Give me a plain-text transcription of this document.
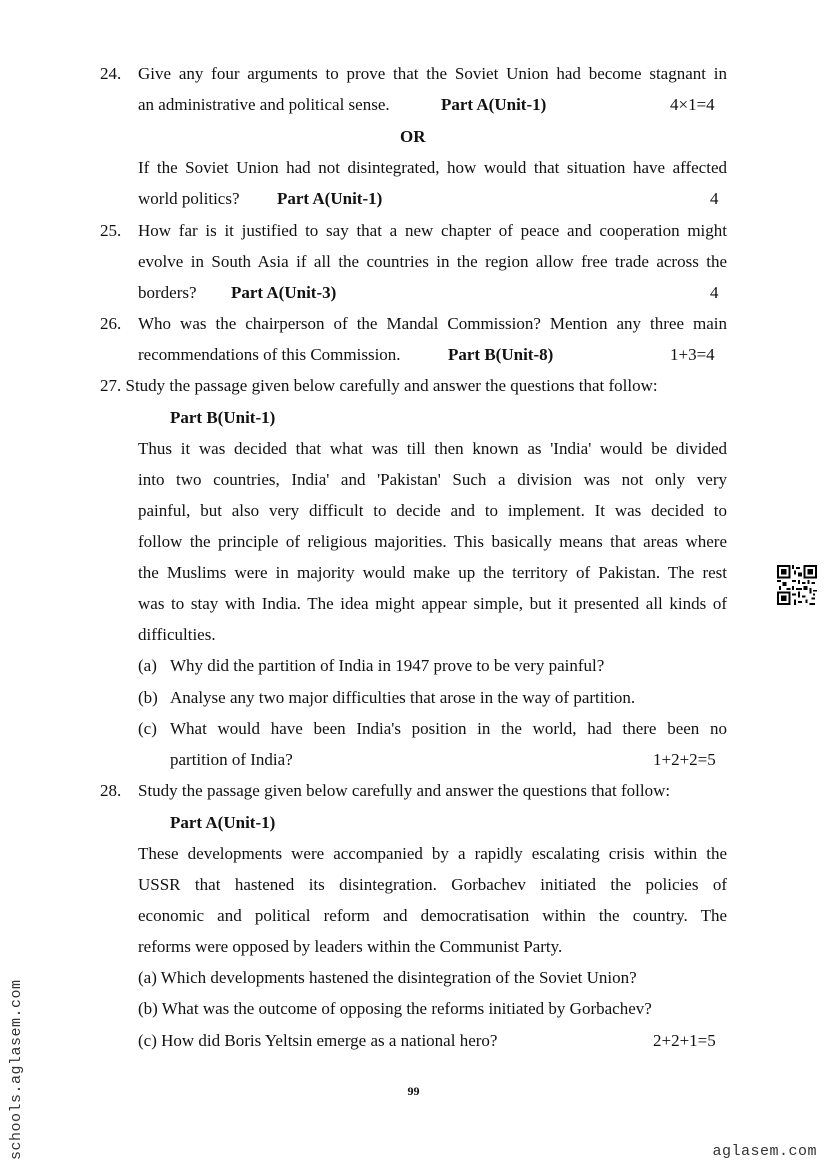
24. Give any four arguments to prove that the Soviet Union had become stagnant in
an administrative and political sense.	Part A(Unit-1)	4×1=4
OR
If the Soviet Union had not disintegrated, how would that situation have affected
world politics? Part A(Unit-1)	4
25. How far is it justified to say that a new chapter of peace and cooperation might
evolve in South Asia if all the countries in the region allow free trade across the
borders? Part A(Unit-3)	4
26. Who was the chairperson of the Mandal Commission? Mention any three main
recommendations of this Commission.	Part B(Unit-8)	1+3=4
27. Study the passage given below carefully and answer the questions that follow:
Part B(Unit-1)
Thus it was decided that what was till then known as 'India' would be divided
into two countries, India' and 'Pakistan' Such a division was not only very
painful, but also very difficult to decide and to implement. It was decided to
follow the principle of religious majorities. This basically means that areas where
the Muslims were in majority would make up the territory of Pakistan. The rest
was to stay with India. The idea might appear simple, but it presented all kinds of
difficulties.
(a) Why did the partition of India in 1947 prove to be very painful?
(b) Analyse any two major difficulties that arose in the way of partition.
(c) What would have been India's position in the world, had there been no
partition of India?	1+2+2=5
28. Study the passage given below carefully and answer the questions that follow:
Part A(Unit-1)
These developments were accompanied by a rapidly escalating crisis within the
USSR that hastened its disintegration. Gorbachev initiated the policies of
economic and political reform and democratisation within the country. The
reforms were opposed by leaders within the Communist Party.
(a) Which developments hastened the disintegration of the Soviet Union?
(b) What was the outcome of opposing the reforms initiated by Gorbachev?
(c) How did Boris Yeltsin emerge as a national hero?	2+2+1=5
99
schools.aglasem.com	aglasem.com
